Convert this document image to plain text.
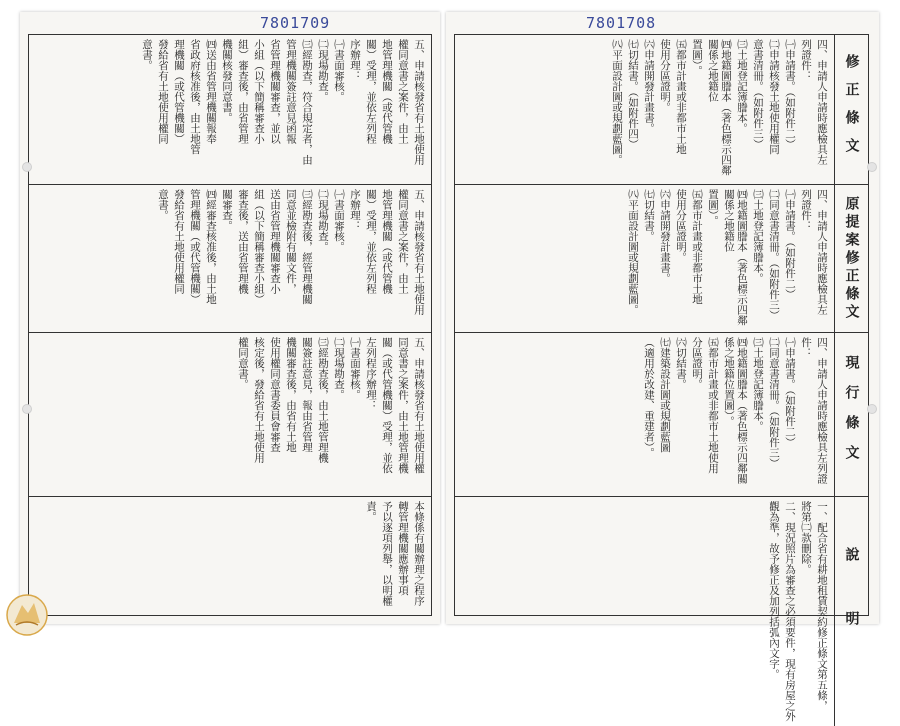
7801709

五、申請核發省有土地使用

權同意書之案件，由土

地管理機關（或代管機

關）受理，並依左列程

序辦理：

㈠書面審核。

㈡現場勘查。

㈢經勘查，符合規定者，由

管理機關簽註意見函報

省管理機關審查，並以

小組（以下簡稱審查小

組）審查後，由省管理

機關核發同意書。

㈣送由省管理機關報奉

省政府核准後，由土地管

理機關（或代管機關）

發給省有土地使用權同

意書。

五、申請核發省有土地使用

權同意書之案件，由土

地管理機關（或代管機

關）受理，並依左列程

序辦理：

㈠書面審核。

㈡現場勘查。

㈢經勘查後，經管理機關

同意並檢附有關文件，

送由省管理機關審查小

組（以下簡稱審查小組）

審查後，送由省管理機

關審查。

㈣經審查核准後，由土地

管理機關（或代管機關）

發給省有土地使用權同

意書。

五、申請核發省有土地使用權

同意書之案件，由土地管理機

關（或代管機關）受理，並依

左列程序辦理：

㈠書面審核。

㈡現場勘查。

㈢經勘查後，由土地管理機

關簽註意見，報由省管理

機關審查後，由省有土地

使用權同意書委員會審查

核定後，發給省有土地使用

權同意書。

本條係有關辦理之程序

轉管理機關應辦事項

予以逐項列舉，以明權

責。

7801708
修正條文

四、申請人申請時應檢具左

列證件：

㈠申請書。（如附件二）

㈡申請核發土地使用權同

意書清冊。（如附件三）

㈢土地登記簿謄本。

㈣地籍圖謄本（著色標示四鄰關係之地籍位

置圖）。

㈤都市計畫或非都市土地

使用分區證明。

㈥申請開發計畫書。

㈦切結書。（如附件四）

㈧平面設計圖或規劃藍圖。

原提案修正條文

四、申請人申請時應檢具左

列證件：

㈠申請書。（如附件二）

㈡同意書清冊。（如附件三）

㈢土地登記簿謄本。

㈣地籍圖謄本（著色標示四鄰關係之地籍位

置圖）。

㈤都市計畫或非都市土地

使用分區證明。

㈥申請開發計畫書。

㈦切結書。

㈧平面設計圖或規劃藍圖。

現行條文

四、申請人申請時應檢具左列證

件：

㈠申請書。（如附件二）

㈡同意書清冊。（如附件三）

㈢土地登記簿謄本。

㈣地籍圖謄本（著色標示四鄰關係之地籍位置圖）。

㈤都市計畫或非都市土地使用

分區證明。

㈥切結書。

㈦建築設計圖或規劃藍圖

（適用於改建、重建者）。

說明

一、配合省有耕地租賃契約修正條文第五條，

將第㈡款刪除。

二、現況照片為審查之必須要件，現有房屋之外

觀為準，故予修正及加列括弧內文字。
